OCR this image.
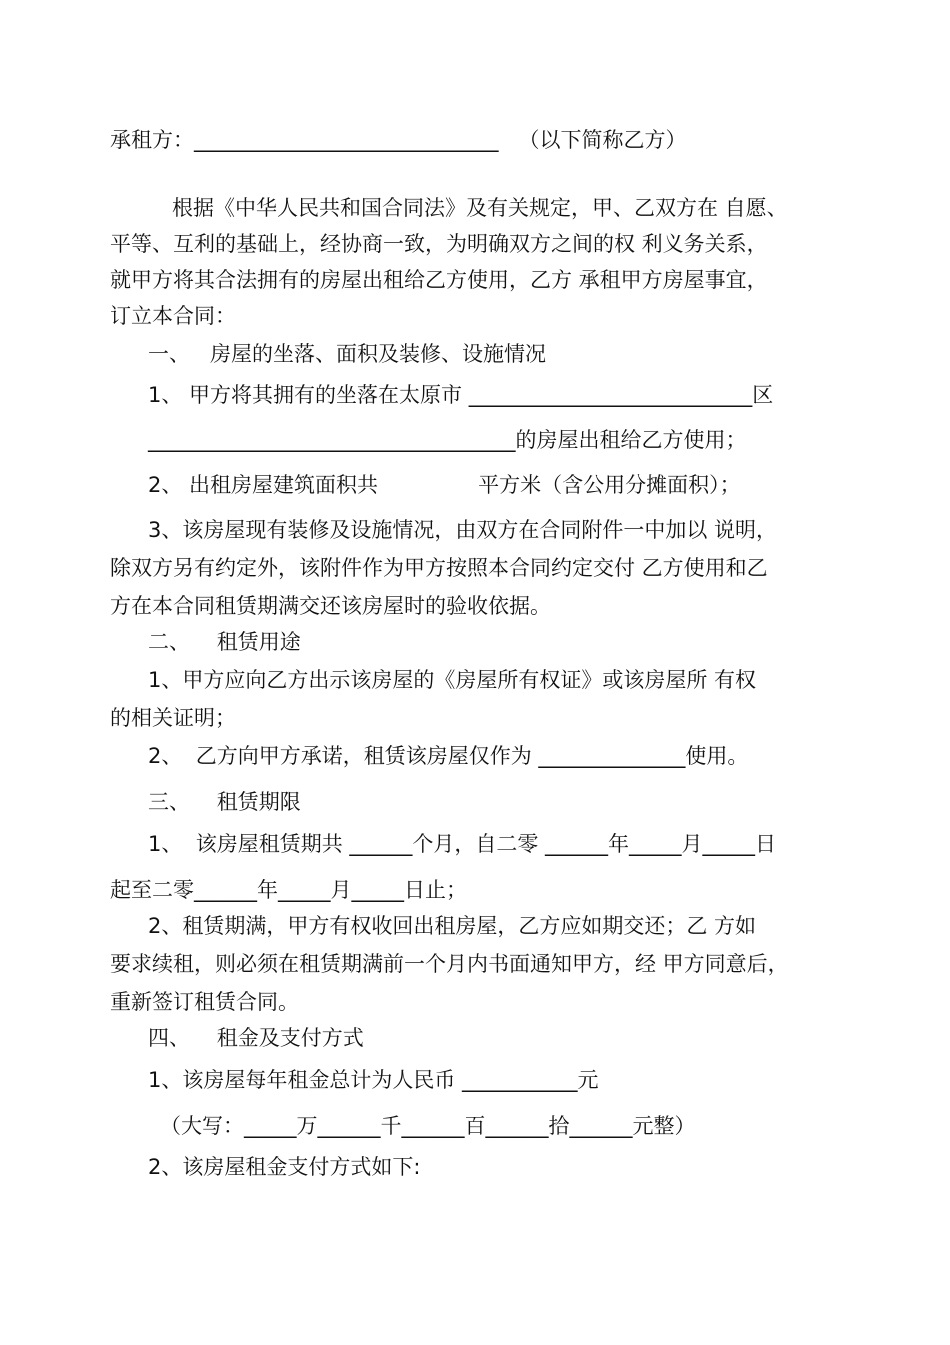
承租方：_____________________________   （以下简称乙方）
根据《中华人民共和国合同法》及有关规定，甲、乙双方在 自愿、
平等、互利的基础上，经协商一致，为明确双方之间的权 利义务关系，
就甲方将其合法拥有的房屋出租给乙方使用，乙方 承租甲方房屋事宜，
订立本合同：
一、   房屋的坐落、面积及装修、设施情况
1、 甲方将其拥有的坐落在太原市 ___________________________区
___________________________________的房屋出租给乙方使用；
2、 出租房屋建筑面积共               平方米（含公用分摊面积）；
3、该房屋现有装修及设施情况，由双方在合同附件一中加以 说明，
除双方另有约定外，该附件作为甲方按照本合同约定交付 乙方使用和乙
方在本合同租赁期满交还该房屋时的验收依据。
二、    租赁用途
1、甲方应向乙方出示该房屋的《房屋所有权证》或该房屋所 有权
的相关证明；
2、  乙方向甲方承诺，租赁该房屋仅作为 ______________使用。
三、    租赁期限
1、  该房屋租赁期共 ______个月，自二零 ______年_____月_____日
起至二零______年_____月_____日止；
2、租赁期满，甲方有权收回出租房屋，乙方应如期交还；乙 方如
要求续租，则必须在租赁期满前一个月内书面通知甲方，经 甲方同意后，
重新签订租赁合同。
四、    租金及支付方式
1、该房屋每年租金总计为人民币 ___________元
（大写：_____万______千______百______拾______元整）
2、该房屋租金支付方式如下:
